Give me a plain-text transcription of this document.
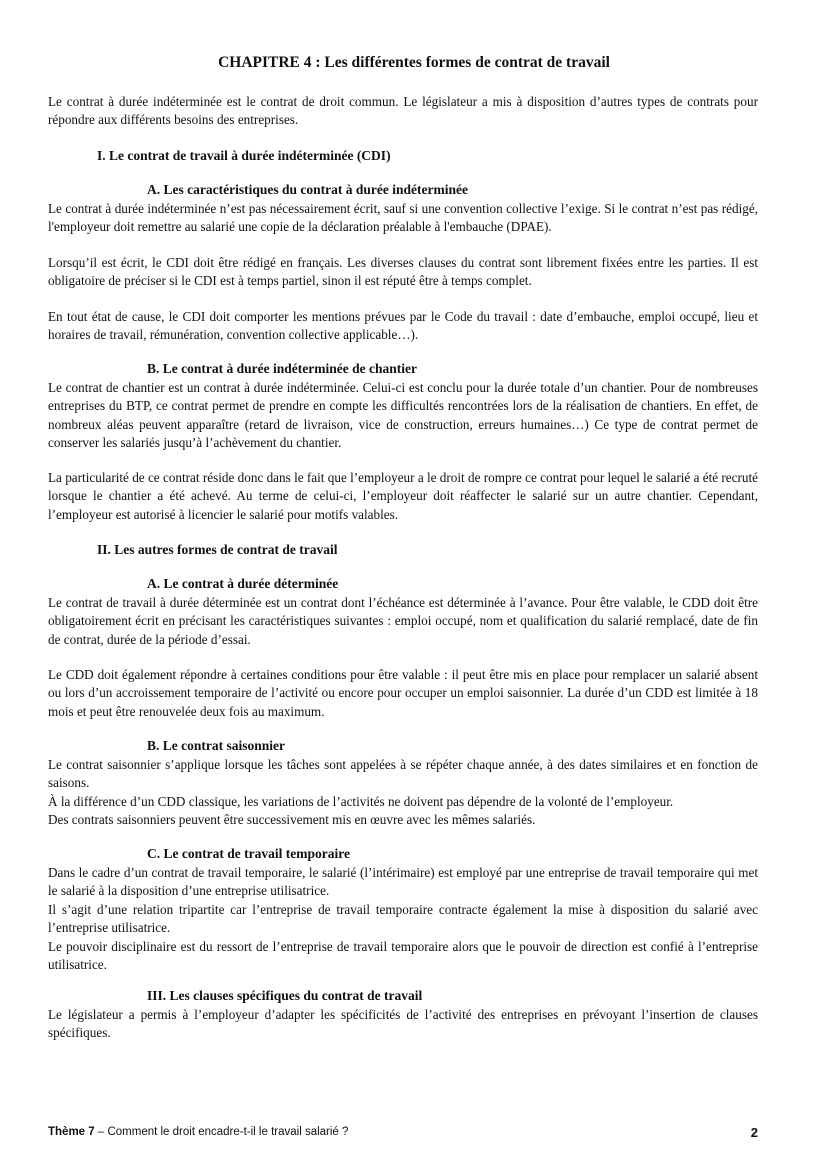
CHAPITRE 4 : Les différentes formes de contrat de travail

Le contrat à durée indéterminée est le contrat de droit commun. Le législateur a mis à disposition d’autres types de contrats pour répondre aux différents besoins des entreprises.

I. Le contrat de travail à durée indéterminée (CDI)
A. Les caractéristiques du contrat à durée indéterminée

Le contrat à durée indéterminée n’est pas nécessairement écrit, sauf si une convention collective l’exige. Si le contrat n’est pas rédigé, l'employeur doit remettre au salarié une copie de la déclaration préalable à l'embauche (DPAE).

Lorsqu’il est écrit, le CDI doit être rédigé en français. Les diverses clauses du contrat sont librement fixées entre les parties. Il est obligatoire de préciser si le CDI est à temps partiel, sinon il est réputé être à temps complet.

En tout état de cause, le CDI doit comporter les mentions prévues par le Code du travail : date d’embauche, emploi occupé, lieu et horaires de travail, rémunération, convention collective applicable…).

B. Le contrat à durée indéterminée de chantier

Le contrat de chantier est un contrat à durée indéterminée. Celui-ci est conclu pour la durée totale d’un chantier. Pour de nombreuses entreprises du BTP, ce contrat permet de prendre en compte les difficultés rencontrées lors de la réalisation de chantiers. En effet, de nombreux aléas peuvent apparaître (retard de livraison, vice de construction, erreurs humaines…) Ce type de contrat permet de conserver les salariés jusqu’à l’achèvement du chantier.

La particularité de ce contrat réside donc dans le fait que l’employeur a le droit de rompre ce contrat pour lequel le salarié a été recruté lorsque le chantier a été achevé. Au terme de celui-ci, l’employeur doit réaffecter le salarié sur un autre chantier. Cependant, l’employeur est autorisé à licencier le salarié pour motifs valables.

II. Les autres formes de contrat de travail
A. Le contrat à durée déterminée

Le contrat de travail à durée déterminée est un contrat dont l’échéance est déterminée à l’avance. Pour être valable, le CDD doit être obligatoirement écrit en précisant les caractéristiques suivantes : emploi occupé, nom et qualification du salarié remplacé, date de fin de contrat, durée de la période d’essai.

Le CDD doit également répondre à certaines conditions pour être valable : il peut être mis en place pour remplacer un salarié absent ou lors d’un accroissement temporaire de l’activité ou encore pour occuper un emploi saisonnier. La durée d’un CDD est limitée à 18 mois et peut être renouvelée deux fois au maximum.

B. Le contrat saisonnier

Le contrat saisonnier s’applique lorsque les tâches sont appelées à se répéter chaque année, à des dates similaires et en fonction de saisons.

À la différence d’un CDD classique, les variations de l’activités ne doivent pas dépendre de la volonté de l’employeur.

Des contrats saisonniers peuvent être successivement mis en œuvre avec les mêmes salariés.

C. Le contrat de travail temporaire

Dans le cadre d’un contrat de travail temporaire, le salarié (l’intérimaire) est employé par une entreprise de travail temporaire qui met le salarié à la disposition d’une entreprise utilisatrice.

Il s’agit d’une relation tripartite car l’entreprise de travail temporaire contracte également la mise à disposition du salarié avec l’entreprise utilisatrice.

Le pouvoir disciplinaire est du ressort de l’entreprise de travail temporaire alors que le pouvoir de direction est confié à l’entreprise utilisatrice.

III. Les clauses spécifiques du contrat de travail

Le législateur a permis à l’employeur d’adapter les spécificités de l’activité des entreprises en prévoyant l’insertion de clauses spécifiques.

Thème 7 – Comment le droit encadre-t-il le travail salarié ?	2
